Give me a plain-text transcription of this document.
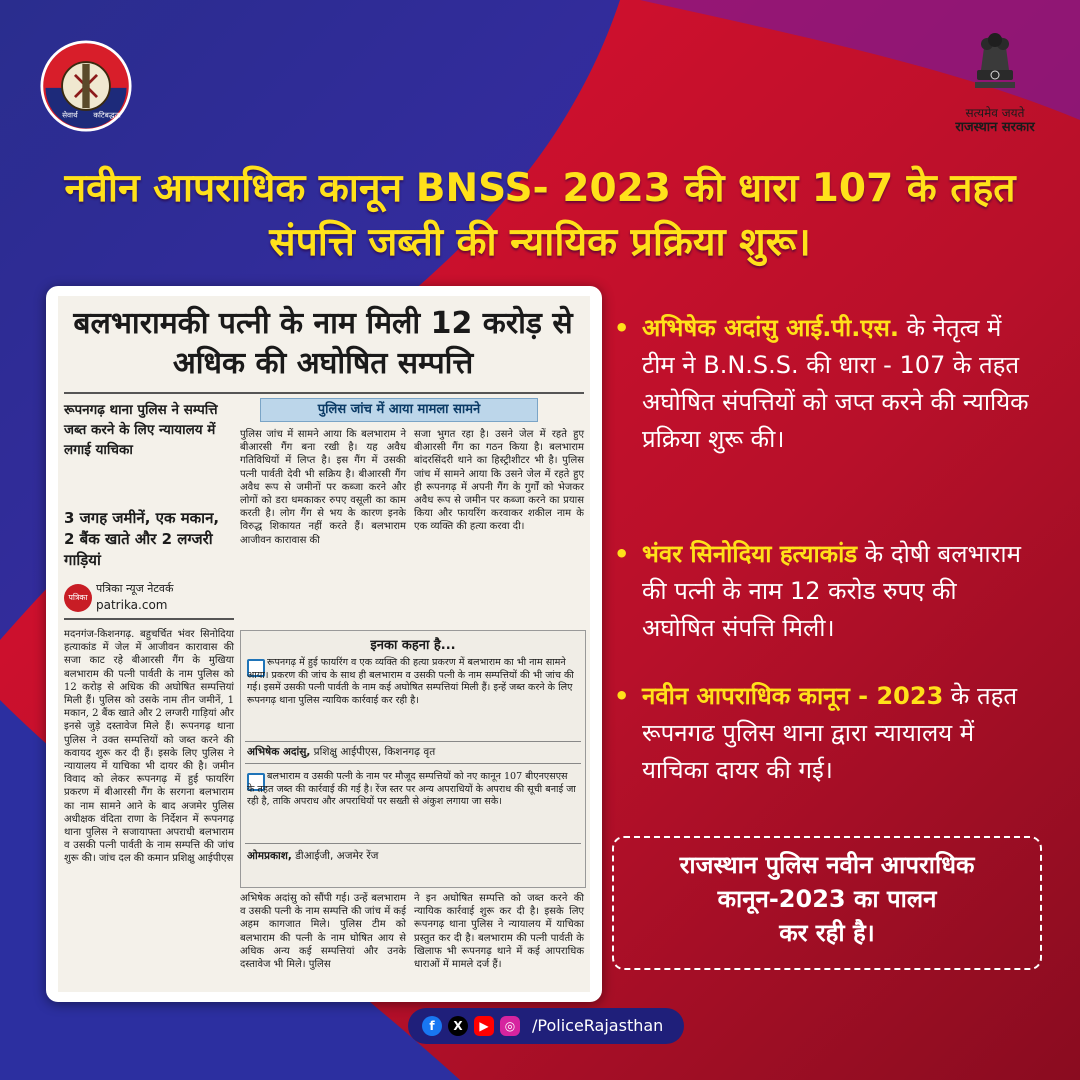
सेवार्थ कटिबद्धता	सत्यमेव जयते
राजस्थान सरकार
नवीन आपराधिक कानून BNSS- 2023 की धारा 107 के तहत
संपत्ति जब्ती की न्यायिक प्रक्रिया शुरू।
बलभारामकी पत्नी के नाम मिली 12 करोड़ से अधिक की अघोषित सम्पत्ति
रूपनगढ़ थाना पुलिस ने सम्पत्ति जब्त करने के लिए न्यायालय में लगाई याचिका
3 जगह जमीनें, एक मकान, 2 बैंक खाते और 2 लग्जरी गाड़ियां
पत्रिका
पत्रिका न्यूज नेटवर्क
patrika.com
पुलिस जांच में आया मामला सामने
पुलिस जांच में सामने आया कि बलभाराम ने बीआरसी गैंग बना रखी है। यह अवैध गतिविधियों में लिप्त है। इस गैंग में उसकी पत्नी पार्वती देवी भी सक्रिय है। बीआरसी गैंग अवैध रूप से जमीनों पर कब्जा करने और लोगों को डरा धमकाकर रुपए वसूली का काम करती है। लोग गैंग से भय के कारण इनके विरुद्ध शिकायत नहीं करते हैं। बलभाराम आजीवन कारावास की
सजा भुगत रहा है। उसने जेल में रहते हुए बीआरसी गैंग का गठन किया है। बलभाराम बांदरसिंदरी थाने का हिस्ट्रीशीटर भी है। पुलिस जांच में सामने आया कि उसने जेल में रहते हुए ही रूपनगढ़ में अपनी गैंग के गुर्गों को भेजकर अवैध रूप से जमीन पर कब्जा करने का प्रयास किया और फायरिंग करवाकर शकील नाम के एक व्यक्ति की हत्या करवा दी।
मदनगंज-किशनगढ़. बहुचर्चित भंवर सिनोदिया हत्याकांड में जेल में आजीवन कारावास की सजा काट रहे बीआरसी गैंग के मुखिया बलभाराम की पत्नी पार्वती के नाम पुलिस को 12 करोड़ से अधिक की अघोषित सम्पत्तियां मिली हैं। पुलिस को उसके नाम तीन जमीनें, 1 मकान, 2 बैंक खाते और 2 लग्जरी गाड़ियां और इनसे जुड़े दस्तावेज मिले हैं। रूपनगढ़ थाना पुलिस ने उक्त सम्पत्तियों को जब्त करने की कवायद शुरू कर दी हैं। इसके लिए पुलिस ने न्यायालय में याचिका भी दायर की है। जमीन विवाद को लेकर रूपनगढ़ में हुई फायरिंग प्रकरण में बीआरसी गैंग के सरगना बलभाराम का नाम सामने आने के बाद अजमेर पुलिस अधीक्षक वंदिता राणा के निर्देशन में रूपनगढ़ थाना पुलिस ने सजायाफ्ता अपराधी बलभाराम व उसकी पत्नी पार्वती के नाम सम्पत्ति की जांच शुरू की। जांच दल की कमान प्रशिक्षु आईपीएस
इनका कहना है...
रूपनगढ़ में हुई फायरिंग व एक व्यक्ति की हत्या प्रकरण में बलभाराम का भी नाम सामने आया। प्रकरण की जांच के साथ ही बलभाराम व उसकी पत्नी के नाम सम्पत्तियों की भी जांच की गई। इसमें उसकी पत्नी पार्वती के नाम कई अघोषित सम्पत्तियां मिली हैं। इन्हें जब्त करने के लिए रूपनगढ़ थाना पुलिस न्यायिक कार्रवाई कर रही है।
अभिषेक अदांसु, प्रशिक्षु आईपीएस, किशनगढ़ वृत
बलभाराम व उसकी पत्नी के नाम पर मौजूद सम्पत्तियों को नए कानून 107 बीएनएसएस के तहत जब्त की कार्रवाई की गई है। रेंज स्तर पर अन्य अपराधियों के अपराध की सूची बनाई जा रही है, ताकि अपराध और अपराधियों पर सख्ती से अंकुश लगाया जा सके।
ओमप्रकाश, डीआईजी, अजमेर रेंज
अभिषेक अदांसु को सौंपी गई। उन्हें बलभाराम व उसकी पत्नी के नाम सम्पत्ति की जांच में कई अहम कागजात मिले। पुलिस टीम को बलभाराम की पत्नी के नाम घोषित आय से अधिक अन्य कई सम्पत्तियां और उनके दस्तावेज भी मिले। पुलिस
ने इन अघोषित सम्पत्ति को जब्त करने की न्यायिक कार्रवाई शुरू कर दी है। इसके लिए रूपनगढ़ थाना पुलिस ने न्यायालय में याचिका प्रस्तुत कर दी है। बलभाराम की पत्नी पार्वती के खिलाफ भी रूपनगढ़ थाने में कई आपराधिक धाराओं में मामले दर्ज हैं।
• अभिषेक अदांसु आई.पी.एस. के नेतृत्व में टीम ने B.N.S.S. की धारा - 107 के तहत अघोषित संपत्तियों को जप्त करने की न्यायिक प्रक्रिया शुरू की।
• भंवर सिनोदिया हत्याकांड के दोषी बलभाराम की पत्नी के नाम 12 करोड रुपए की अघोषित संपत्ति मिली।
• नवीन आपराधिक कानून - 2023 के तहत रूपनगढ पुलिस थाना द्वारा न्यायालय में याचिका दायर की गई।
राजस्थान पुलिस नवीन आपराधिक
कानून-2023 का पालन
कर रही है।
f	X	▶	◎ /PoliceRajasthan
